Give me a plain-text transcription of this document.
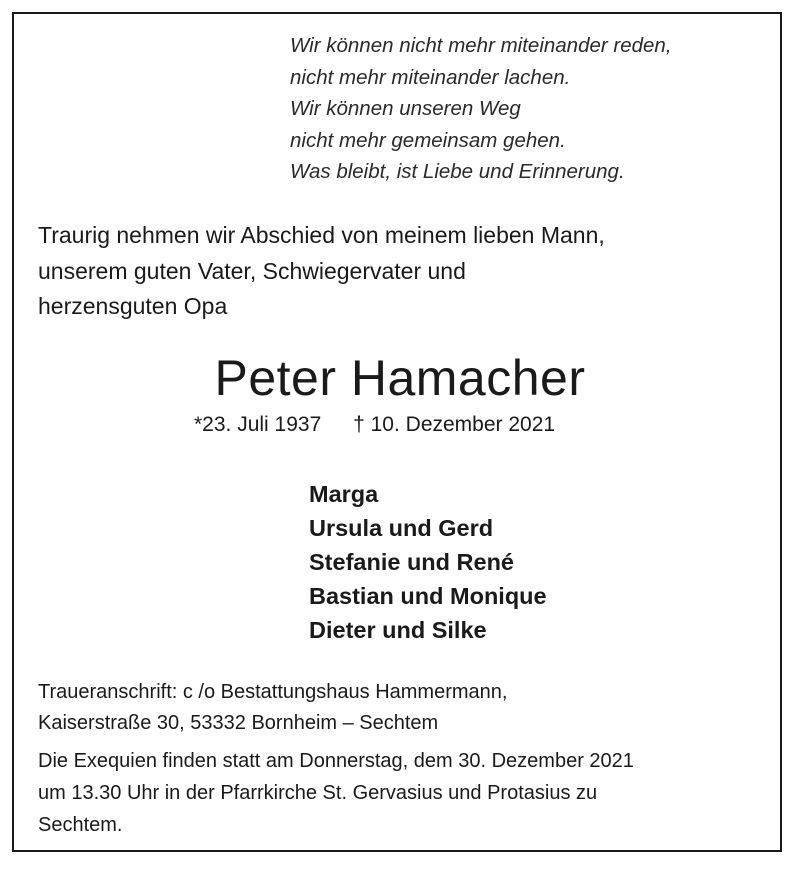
Wir können nicht mehr miteinander reden,
nicht mehr miteinander lachen.
Wir können unseren Weg
nicht mehr gemeinsam gehen.
Was bleibt, ist Liebe und Erinnerung.
Traurig nehmen wir Abschied von meinem lieben Mann,
unserem guten Vater, Schwiegervater und
herzensguten Opa
Peter Hamacher
*23. Juli 1937 † 10. Dezember 2021
Marga
Ursula und Gerd
Stefanie und René
Bastian und Monique
Dieter und Silke
Traueranschrift: c /o Bestattungshaus Hammermann,
Kaiserstraße 30, 53332 Bornheim – Sechtem
Die Exequien finden statt am Donnerstag, dem 30. Dezember 2021
um 13.30 Uhr in der Pfarrkirche St. Gervasius und Protasius zu
Sechtem.
